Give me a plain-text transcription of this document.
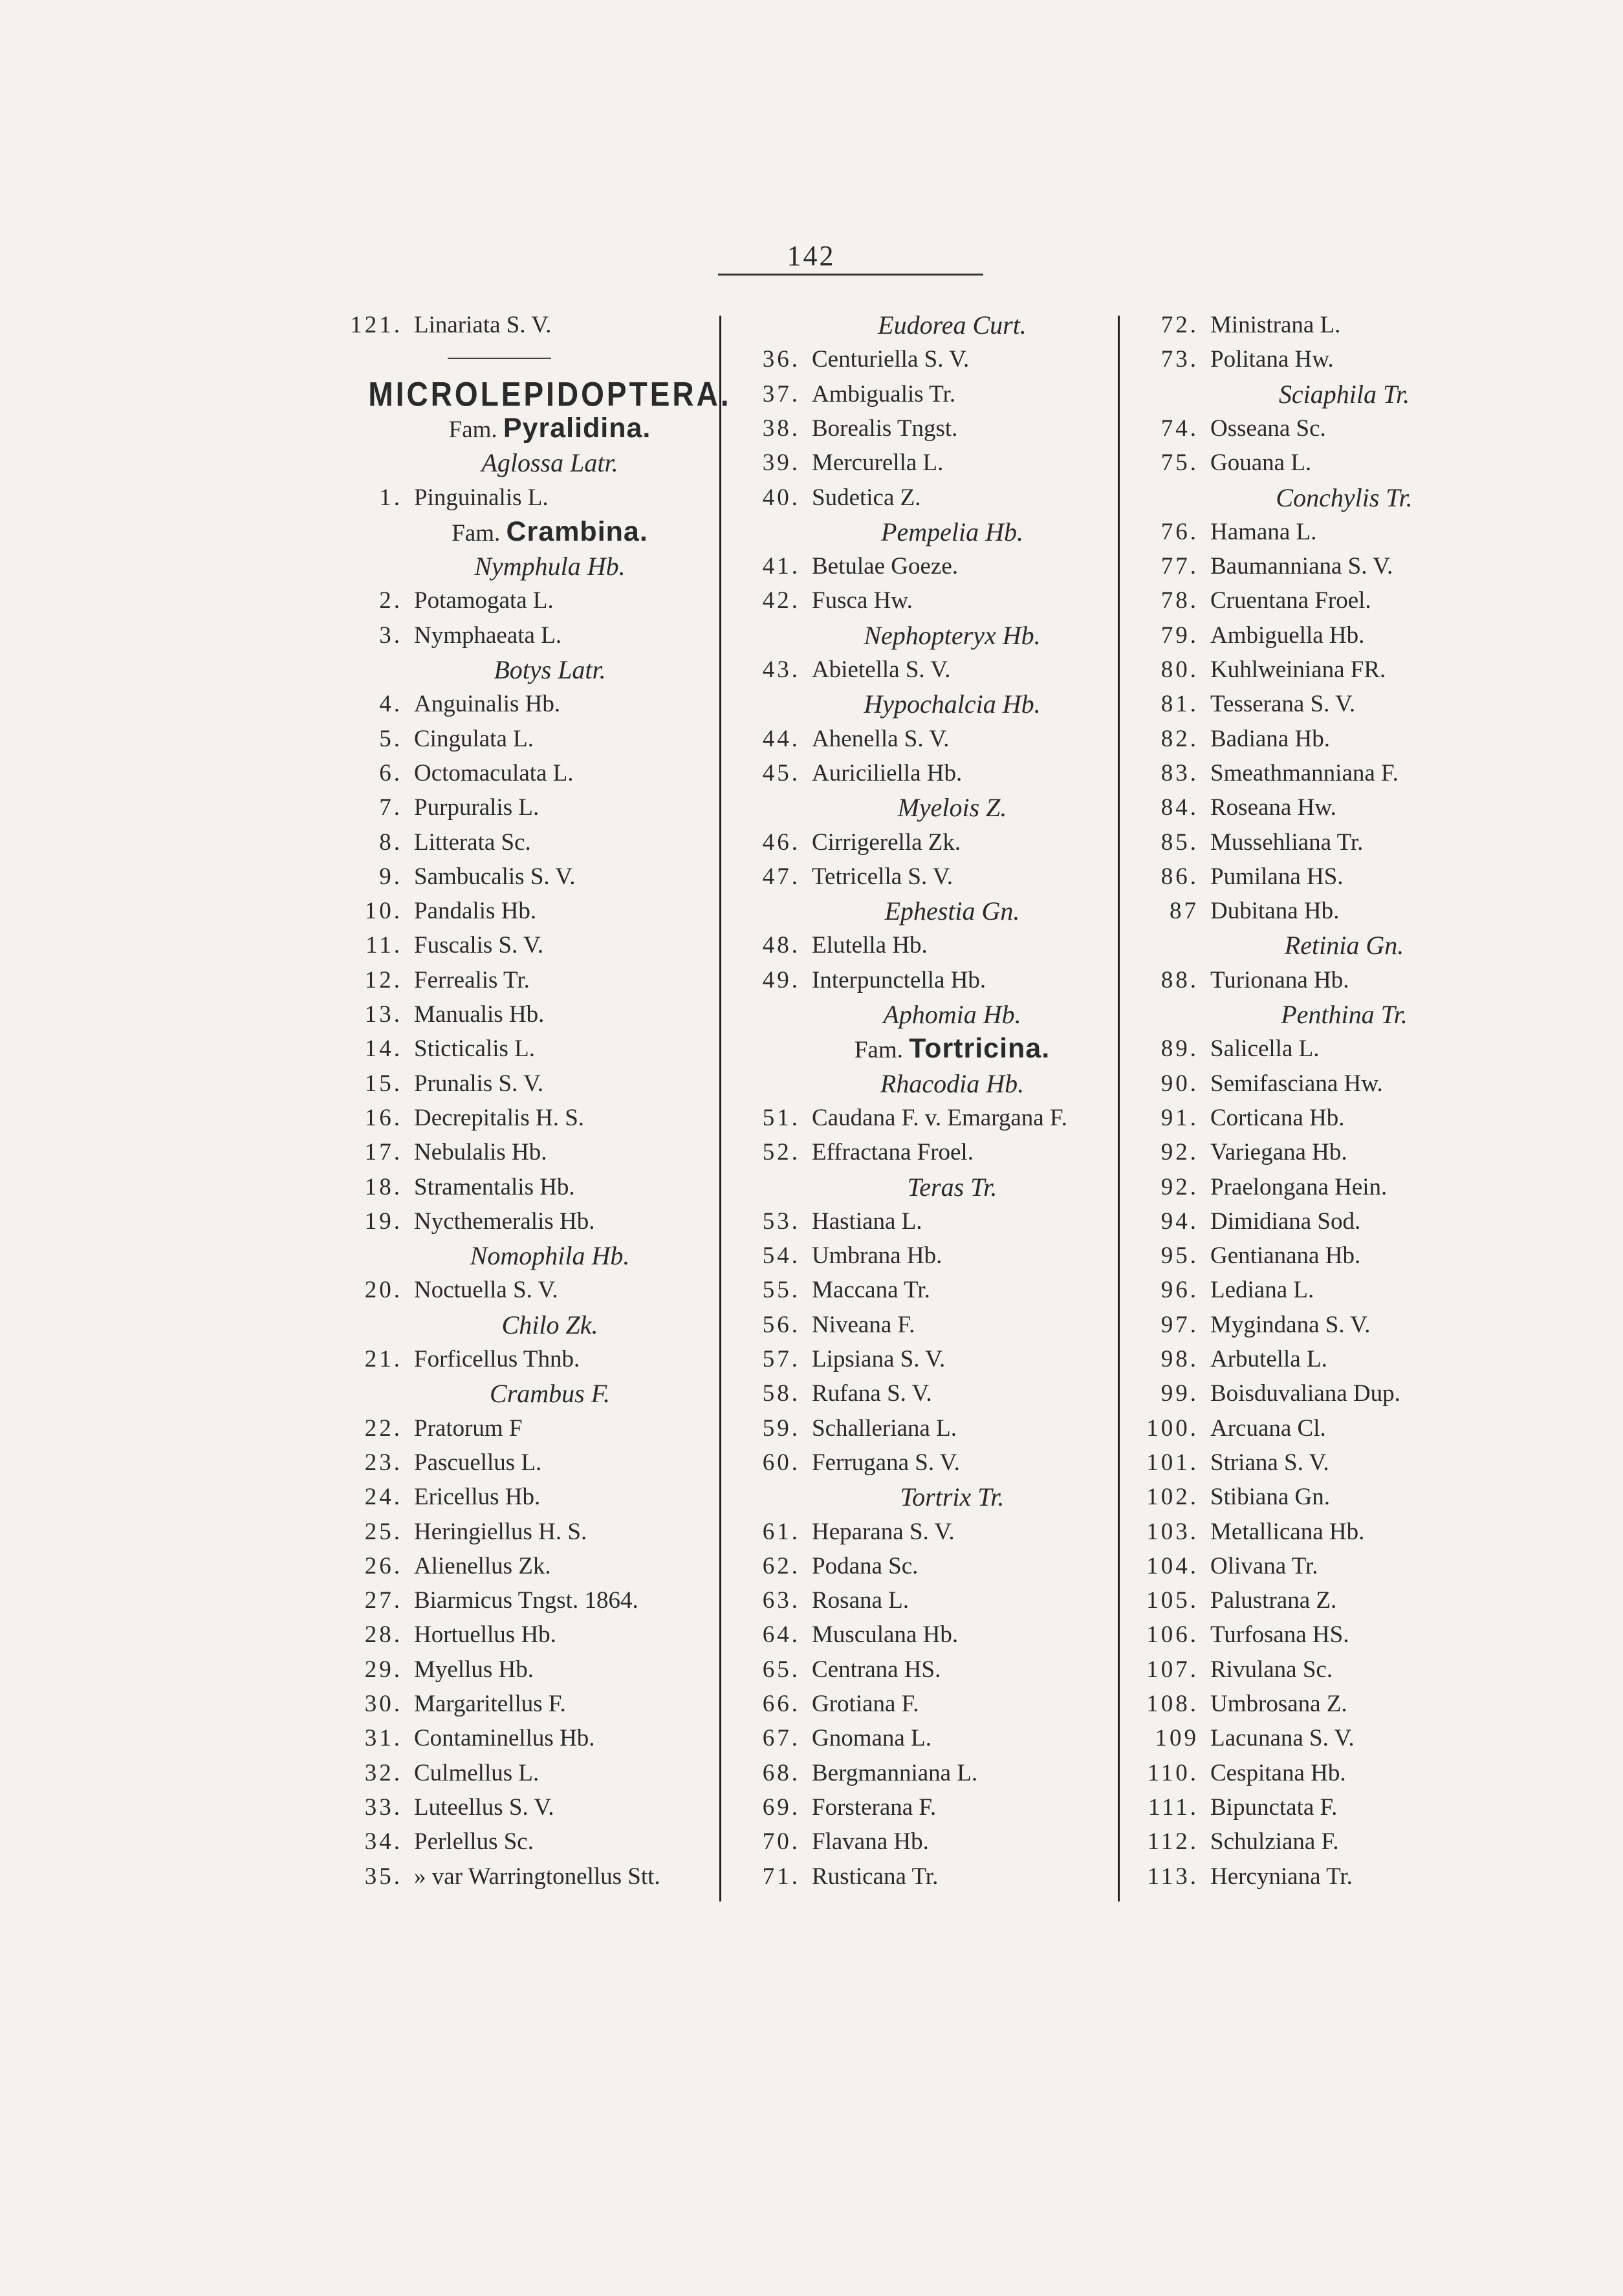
142
121. Linariata S. V.
MICROLEPIDOPTERA.
Fam. Pyralidina.
Aglossa Latr.
1. Pinguinalis L.
Fam. Crambina.
Nymphula Hb.
2. Potamogata L.
3. Nymphaeata L.
Botys Latr.
4. Anguinalis Hb.
5. Cingulata L.
6. Octomaculata L.
7. Purpuralis L.
8. Litterata Sc.
9. Sambucalis S. V.
10. Pandalis Hb.
11. Fuscalis S. V.
12. Ferrealis Tr.
13. Manualis Hb.
14. Sticticalis L.
15. Prunalis S. V.
16. Decrepitalis H. S.
17. Nebulalis Hb.
18. Stramentalis Hb.
19. Nycthemeralis Hb.
Nomophila Hb.
20. Noctuella S. V.
Chilo Zk.
21. Forficellus Thnb.
Crambus F.
22. Pratorum F
23. Pascuellus L.
24. Ericellus Hb.
25. Heringiellus H. S.
26. Alienellus Zk.
27. Biarmicus Tngst. 1864.
28. Hortuellus Hb.
29. Myellus Hb.
30. Margaritellus F.
31. Contaminellus Hb.
32. Culmellus L.
33. Luteellus S. V.
34. Perlellus Sc.
35. » var Warringtonellus Stt.
Eudorea Curt.
36. Centuriella S. V.
37. Ambigualis Tr.
38. Borealis Tngst.
39. Mercurella L.
40. Sudetica Z.
Pempelia Hb.
41. Betulae Goeze.
42. Fusca Hw.
Nephopteryx Hb.
43. Abietella S. V.
Hypochalcia Hb.
44. Ahenella S. V.
45. Auriciliella Hb.
Myelois Z.
46. Cirrigerella Zk.
47. Tetricella S. V.
Ephestia Gn.
48. Elutella Hb.
49. Interpunctella Hb.
Aphomia Hb.
Fam. Tortricina.
Rhacodia Hb.
51. Caudana F. v. Emargana F.
52. Effractana Froel.
Teras Tr.
53. Hastiana L.
54. Umbrana Hb.
55. Maccana Tr.
56. Niveana F.
57. Lipsiana S. V.
58. Rufana S. V.
59. Schalleriana L.
60. Ferrugana S. V.
Tortrix Tr.
61. Heparana S. V.
62. Podana Sc.
63. Rosana L.
64. Musculana Hb.
65. Centrana HS.
66. Grotiana F.
67. Gnomana L.
68. Bergmanniana L.
69. Forsterana F.
70. Flavana Hb.
71. Rusticana Tr.
72. Ministrana L.
73. Politana Hw.
Sciaphila Tr.
74. Osseana Sc.
75. Gouana L.
Conchylis Tr.
76. Hamana L.
77. Baumanniana S. V.
78. Cruentana Froel.
79. Ambiguella Hb.
80. Kuhlweiniana FR.
81. Tesserana S. V.
82. Badiana Hb.
83. Smeathmanniana F.
84. Roseana Hw.
85. Mussehliana Tr.
86. Pumilana HS.
87 Dubitana Hb.
Retinia Gn.
88. Turionana Hb.
Penthina Tr.
89. Salicella L.
90. Semifasciana Hw.
91. Corticana Hb.
92. Variegana Hb.
92. Praelongana Hein.
94. Dimidiana Sod.
95. Gentianana Hb.
96. Lediana L.
97. Mygindana S. V.
98. Arbutella L.
99. Boisduvaliana Dup.
100. Arcuana Cl.
101. Striana S. V.
102. Stibiana Gn.
103. Metallicana Hb.
104. Olivana Tr.
105. Palustrana Z.
106. Turfosana HS.
107. Rivulana Sc.
108. Umbrosana Z.
109 Lacunana S. V.
110. Cespitana Hb.
111. Bipunctata F.
112. Schulziana F.
113. Hercyniana Tr.
